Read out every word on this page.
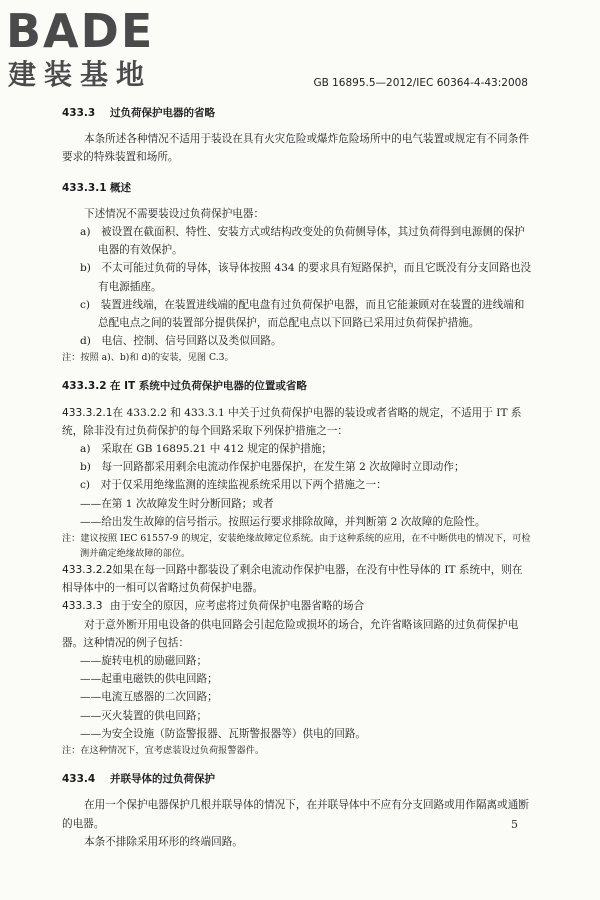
BADE
建装基地	GB 16895.5—2012/IEC 60364-4-43:2008

433.3 过负荷保护电器的省略

本条所述各种情况不适用于装设在具有火灾危险或爆炸危险场所中的电气装置或规定有不同条件要求的特殊装置和场所。

433.3.1 概述

下述情况不需要装设过负荷保护电器：

a)　被设置在截面积、特性、安装方式或结构改变处的负荷侧导体，其过负荷得到电源侧的保护电器的有效保护。

b)　不太可能过负荷的导体，该导体按照 434 的要求具有短路保护，而且它既没有分支回路也没有电源插座。

c)　装置进线端，在装置进线端的配电盘有过负荷保护电器，而且它能兼顾对在装置的进线端和总配电点之间的装置部分提供保护，而总配电点以下回路已采用过负荷保护措施。

d)　电信、控制、信号回路以及类似回路。

注：按照 a)、b)和 d)的安装，见图 C.3。

433.3.2 在 IT 系统中过负荷保护电器的位置或省略

433.3.2.1在 433.2.2 和 433.3.1 中关于过负荷保护电器的装设或者省略的规定，不适用于 IT 系统，除非没有过负荷保护的每个回路采取下列保护措施之一：

a)　采取在 GB 16895.21 中 412 规定的保护措施；

b)　每一回路都采用剩余电流动作保护电器保护，在发生第 2 次故障时立即动作；

c)　对于仅采用绝缘监测的连续监视系统采用以下两个措施之一：

——在第 1 次故障发生时分断回路；或者

——给出发生故障的信号指示。按照运行要求排除故障，并判断第 2 次故障的危险性。

注：建议按照 IEC 61557-9 的规定，安装绝缘故障定位系统。由于这种系统的应用，在不中断供电的情况下，可检测并确定绝缘故障的部位。

433.3.2.2如果在每一回路中都装设了剩余电流动作保护电器，在没有中性导体的 IT 系统中，则在相导体中的一相可以省略过负荷保护电器。

433.3.3 由于安全的原因，应考虑将过负荷保护电器省略的场合

对于意外断开用电设备的供电回路会引起危险或损坏的场合，允许省略该回路的过负荷保护电器。这种情况的例子包括：

——旋转电机的励磁回路；

——起重电磁铁的供电回路；

——电流互感器的二次回路；

——灭火装置的供电回路；

——为安全设施（防盗警报器、瓦斯警报器等）供电的回路。

注：在这种情况下，宜考虑装设过负荷报警器件。

433.4 并联导体的过负荷保护

在用一个保护电器保护几根并联导体的情况下，在并联导体中不应有分支回路或用作隔离或通断的电器。

本条不排除采用环形的终端回路。

5
